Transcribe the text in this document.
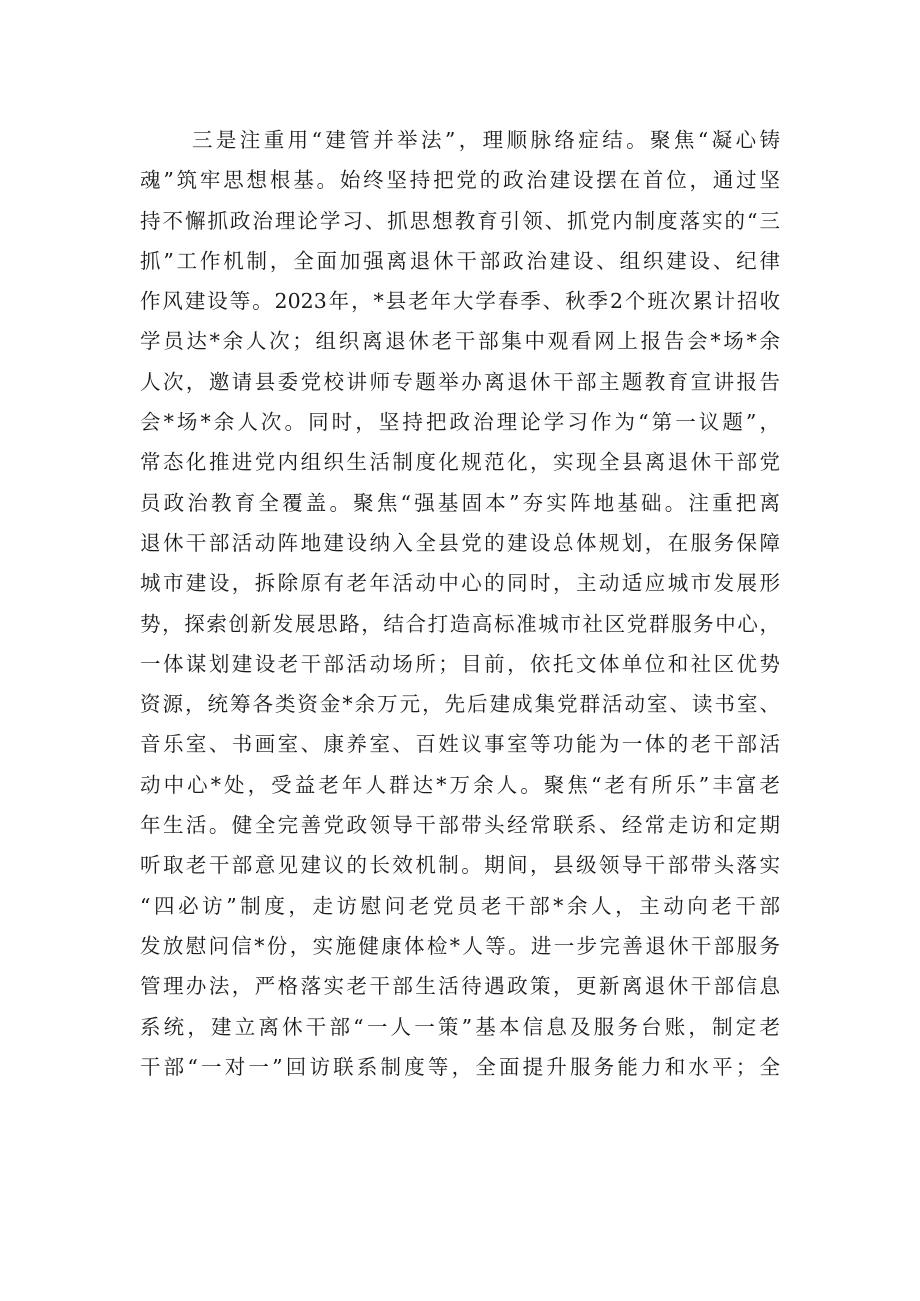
三是注重用“建管并举法”，理顺脉络症结。聚焦“凝心铸
魂”筑牢思想根基。始终坚持把党的政治建设摆在首位，通过坚
持不懈抓政治理论学习、抓思想教育引领、抓党内制度落实的“三
抓”工作机制，全面加强离退休干部政治建设、组织建设、纪律
作风建设等。2023年，*县老年大学春季、秋季2个班次累计招收
学员达*余人次；组织离退休老干部集中观看网上报告会*场*余
人次，邀请县委党校讲师专题举办离退休干部主题教育宣讲报告
会*场*余人次。同时，坚持把政治理论学习作为“第一议题”，
常态化推进党内组织生活制度化规范化，实现全县离退休干部党
员政治教育全覆盖。聚焦“强基固本”夯实阵地基础。注重把离
退休干部活动阵地建设纳入全县党的建设总体规划，在服务保障
城市建设，拆除原有老年活动中心的同时，主动适应城市发展形
势，探索创新发展思路，结合打造高标准城市社区党群服务中心，
一体谋划建设老干部活动场所；目前，依托文体单位和社区优势
资源，统筹各类资金*余万元，先后建成集党群活动室、读书室、
音乐室、书画室、康养室、百姓议事室等功能为一体的老干部活
动中心*处，受益老年人群达*万余人。聚焦“老有所乐”丰富老
年生活。健全完善党政领导干部带头经常联系、经常走访和定期
听取老干部意见建议的长效机制。期间，县级领导干部带头落实
“四必访”制度，走访慰问老党员老干部*余人，主动向老干部
发放慰问信*份，实施健康体检*人等。进一步完善退休干部服务
管理办法，严格落实老干部生活待遇政策，更新离退休干部信息
系统，建立离休干部“一人一策”基本信息及服务台账，制定老
干部“一对一”回访联系制度等，全面提升服务能力和水平；全
